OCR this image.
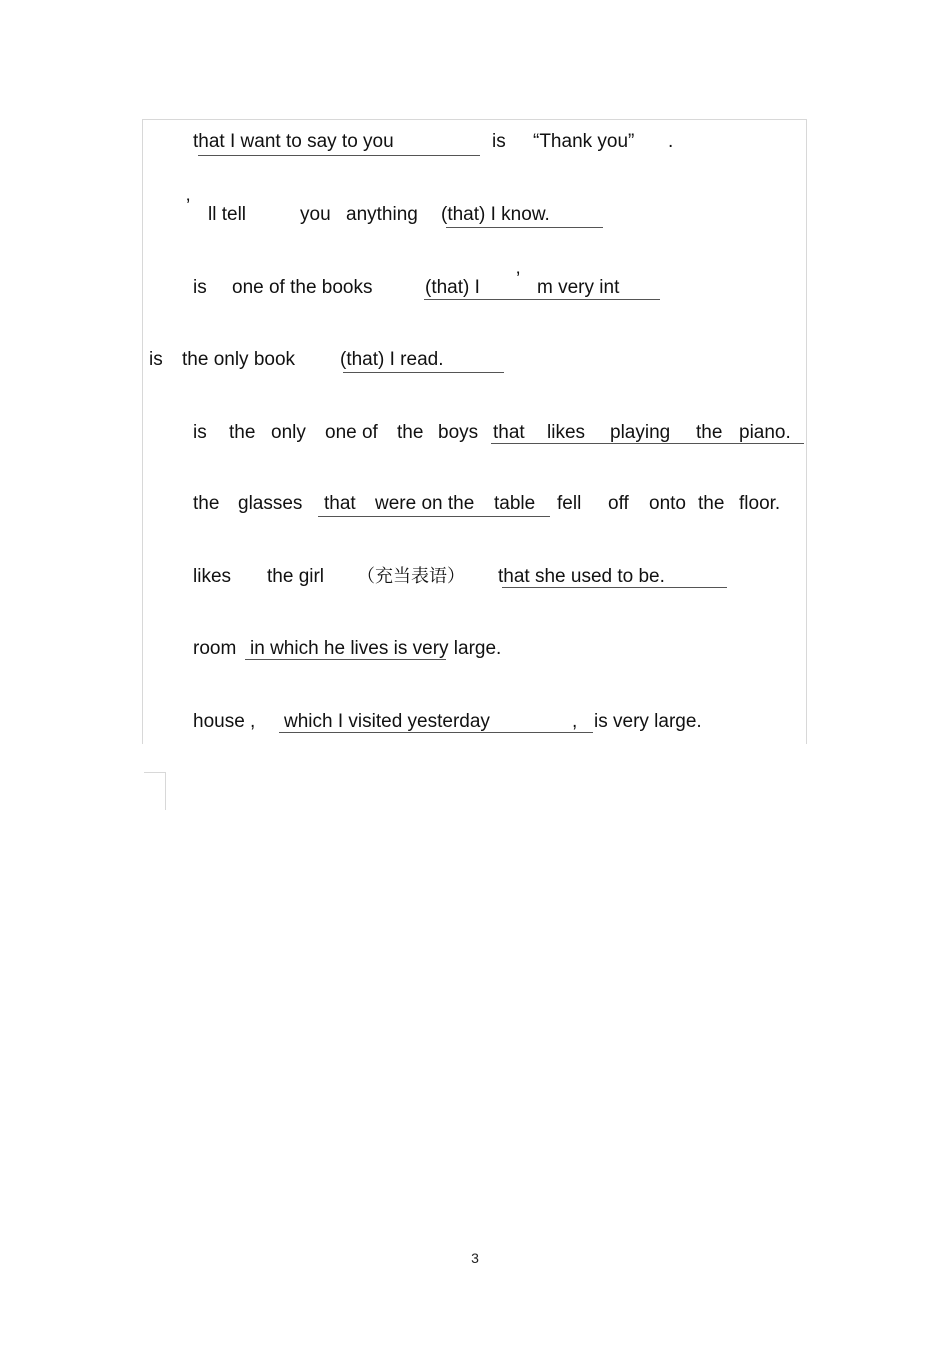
that I want to say to you	is “Thank you” .
’ ll tell	you anything (that) I know.
is one of the books	(that) I ’ m very int
is the only book (that) I read.
is the only one of the boys that likes playing the piano.
the glasses that were on the table fell off onto the floor.
likes the girl （充当表语） that she used to be.
room in which he lives is very large.
house , which I visited yesterday	, is very large.
3
